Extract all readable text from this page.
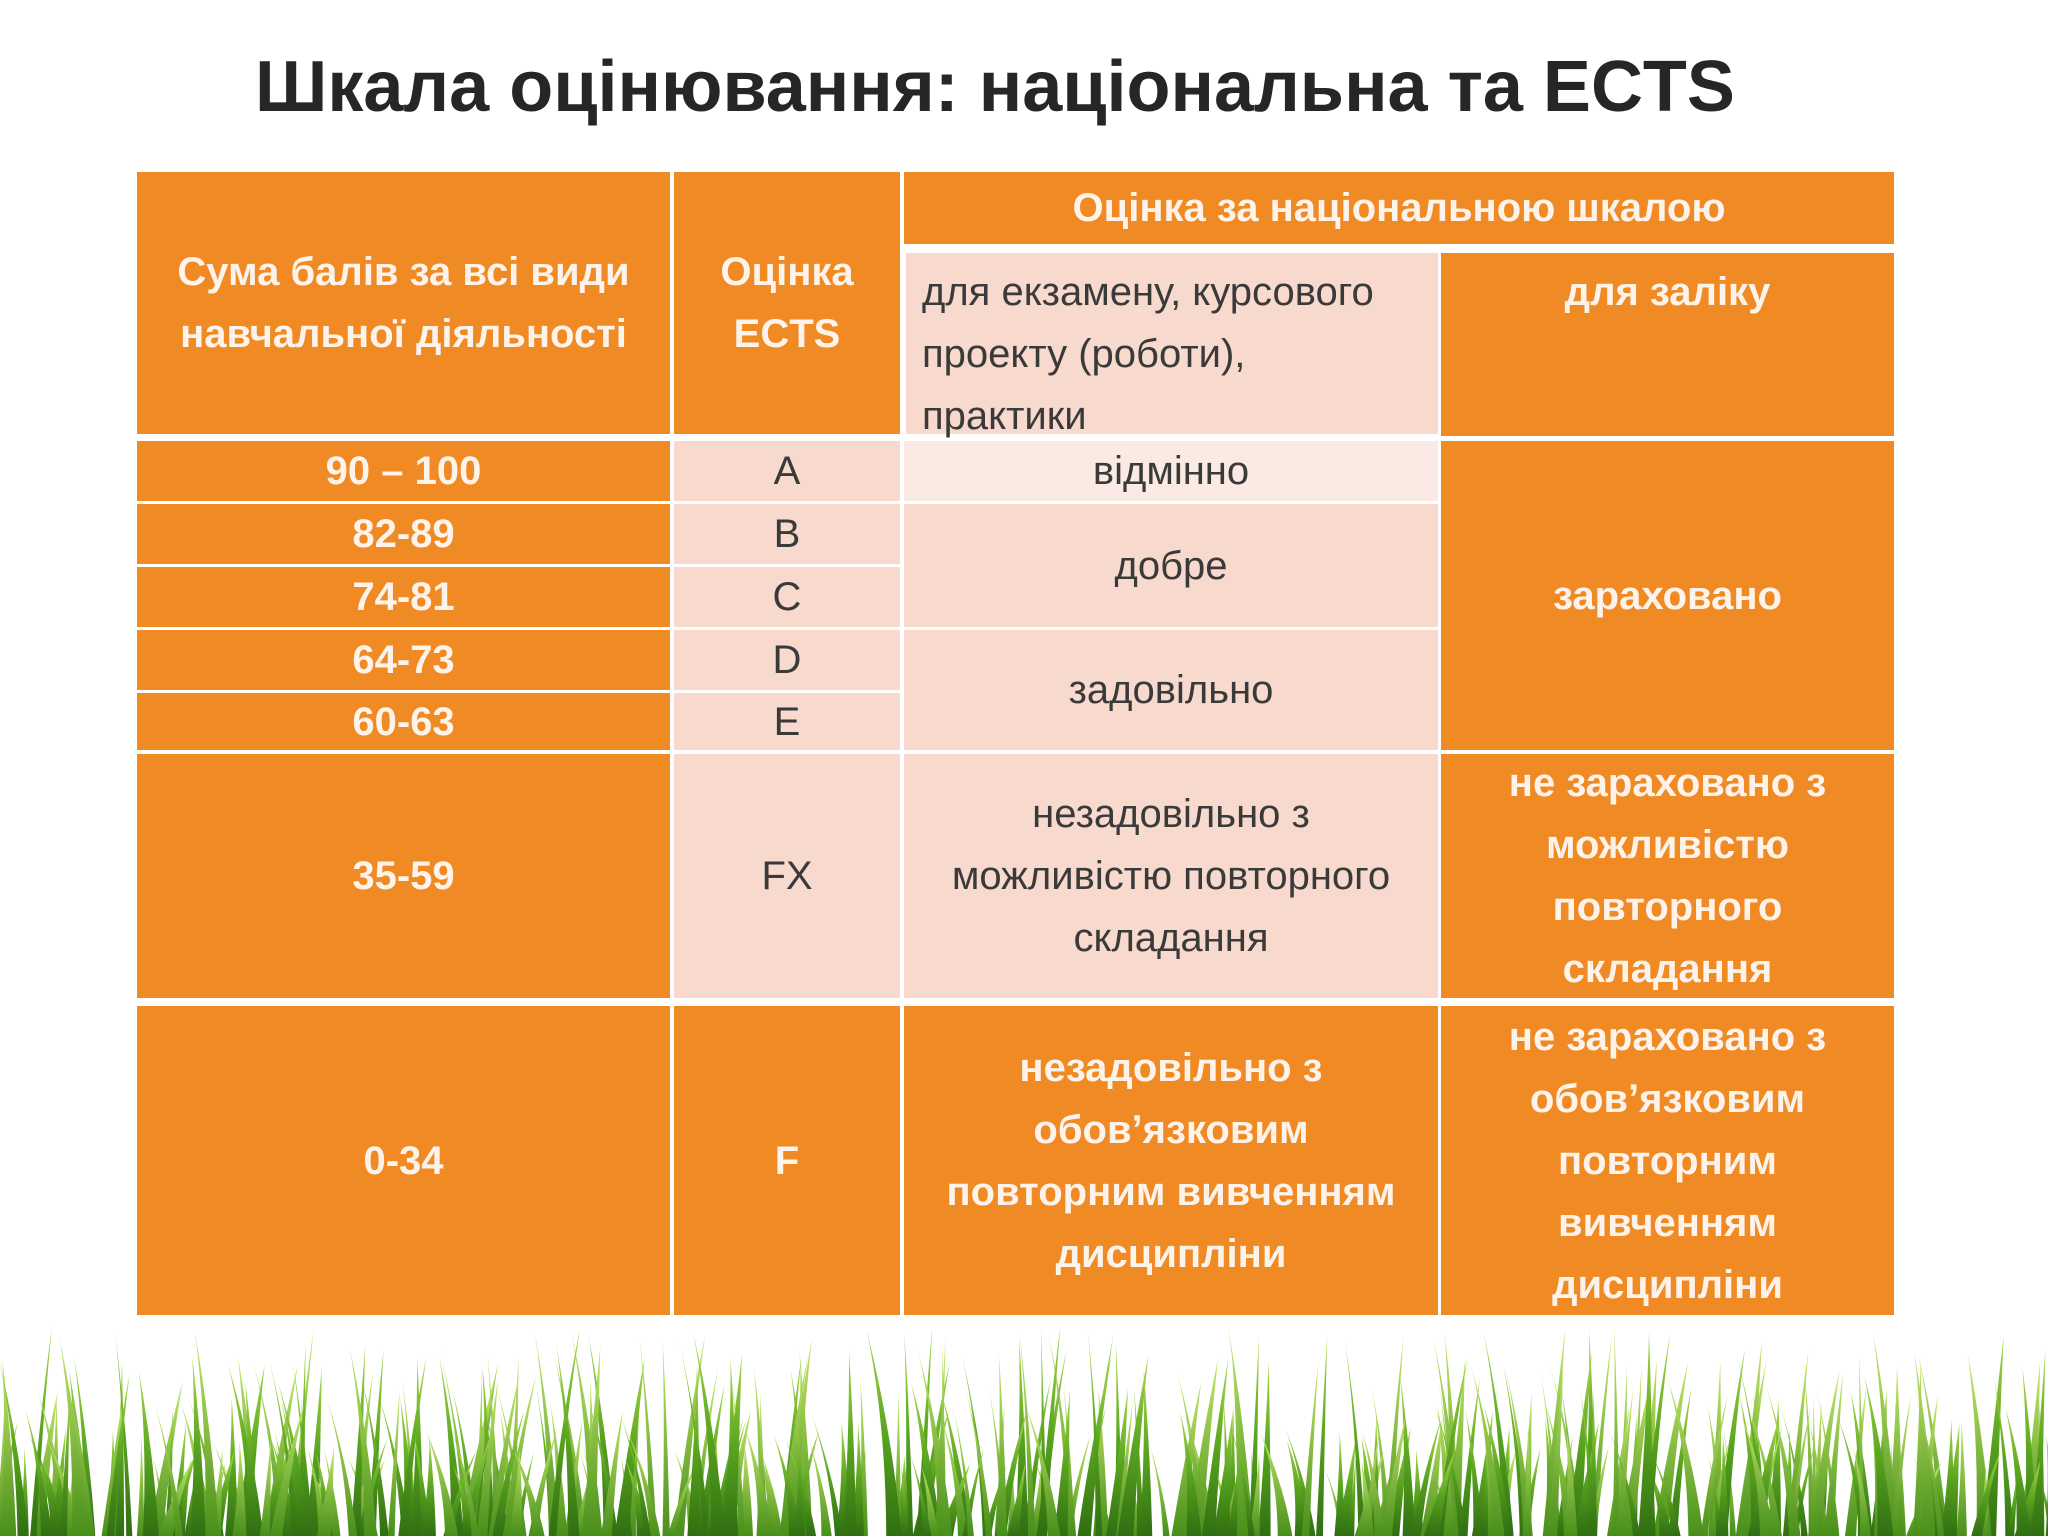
Шкала оцінювання: національна та ECTS
Сума балів за всі види
навчальної діяльності
Оцінка
ECTS
Оцінка за національною шкалою
для екзамену, курсового
проекту (роботи),
практики
для заліку
90 – 100
82-89
74-81
64-73
60-63
35-59
0-34
A
B
C
D
E
FX
F
відмінно
добре
задовільно
незадовільно з
можливістю повторного
складання
незадовільно з
обов’язковим
повторним вивченням
дисципліни
зараховано
не зараховано з
можливістю
повторного
складання
не зараховано з
обов’язковим
повторним
вивченням
дисципліни
